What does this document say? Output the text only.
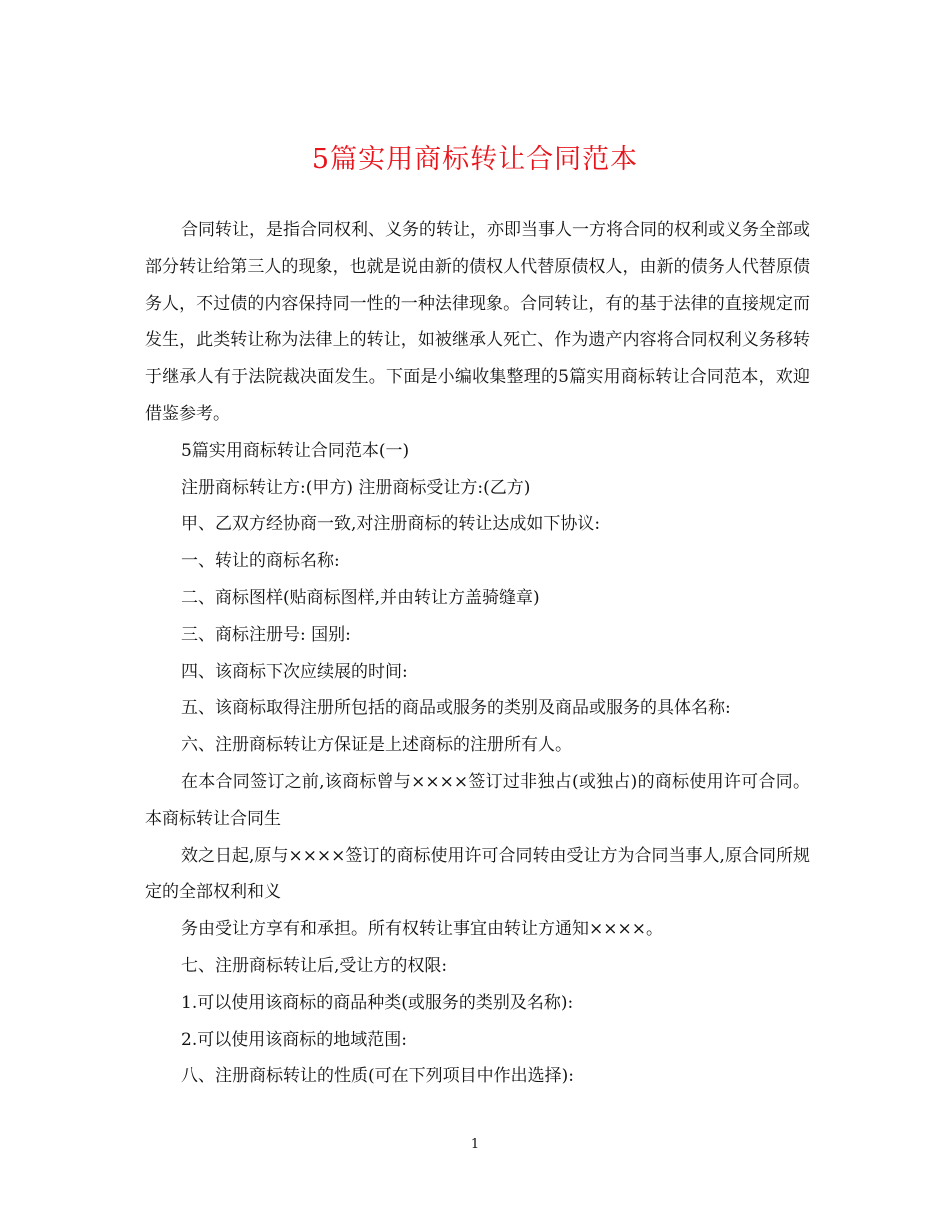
5篇实用商标转让合同范本

合同转让，是指合同权利、义务的转让，亦即当事人一方将合同的权利或义务全部或部分转让给第三人的现象，也就是说由新的债权人代替原债权人，由新的债务人代替原债务人，不过债的内容保持同一性的一种法律现象。合同转让，有的基于法律的直接规定而发生，此类转让称为法律上的转让，如被继承人死亡、作为遗产内容将合同权利义务移转于继承人有于法院裁决面发生。下面是小编收集整理的5篇实用商标转让合同范本，欢迎借鉴参考。

5篇实用商标转让合同范本(一)

注册商标转让方:(甲方) 注册商标受让方:(乙方)

甲、乙双方经协商一致,对注册商标的转让达成如下协议:

一、转让的商标名称:

二、商标图样(贴商标图样,并由转让方盖骑缝章)

三、商标注册号: 国别:

四、该商标下次应续展的时间:

五、该商标取得注册所包括的商品或服务的类别及商品或服务的具体名称:

六、注册商标转让方保证是上述商标的注册所有人。

在本合同签订之前,该商标曾与××××签订过非独占(或独占)的商标使用许可合同。本商标转让合同生

效之日起,原与××××签订的商标使用许可合同转由受让方为合同当事人,原合同所规定的全部权利和义

务由受让方享有和承担。所有权转让事宜由转让方通知××××。

七、注册商标转让后,受让方的权限:

1.可以使用该商标的商品种类(或服务的类别及名称):

2.可以使用该商标的地域范围:

八、注册商标转让的性质(可在下列项目中作出选择):

1
